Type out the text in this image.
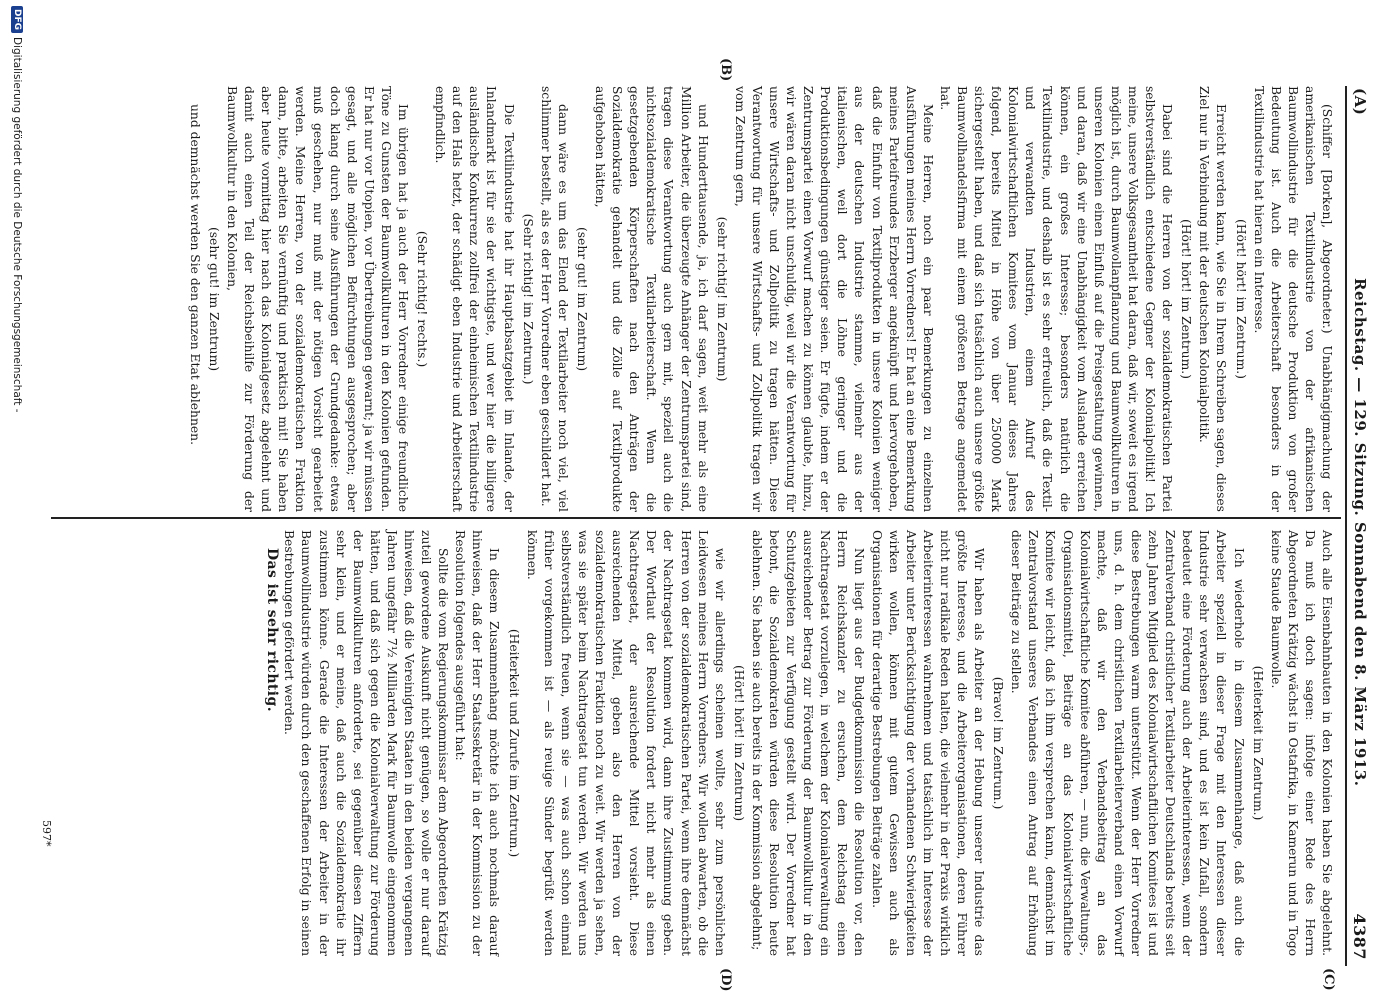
(A)
Reichstag. — 129. Sitzung. Sonnabend den 8. März 1913.
4387
(B)
(C)
(D)

(Schiffer [Borken], Abgeordneter.) Unabhängigmachung der amerikanischen Textilindustrie von der afrikanischen Baumwollindustrie für die deutsche Produktion von großer Bedeutung ist. Auch die Arbeiterschaft besonders in der Textilindustrie hat hieran ein Interesse.

(Hört! hört! im Zentrum.)

Erreicht werden kann, wie Sie in Ihrem Schreiben sagen, dieses Ziel nur in Verbindung mit der deutschen Kolonialpolitik.

(Hört! hört! im Zentrum.)

Dabei sind die Herren von der sozialdemokratischen Partei selbstverständlich entschiedene Gegner der Kolonialpolitik! Ich meine, unsere Volksgesamtheit hat daran, daß wir, soweit es irgend möglich ist, durch Baumwollanpflanzung und Baumwollkulturen in unseren Kolonien einen Einfluß auf die Preisgestaltung gewinnen, und daran, daß wir eine Unabhängigkeit vom Auslande erreichen können, ein großes Interesse; besonders natürlich die Textilindustrie, und deshalb ist es sehr erfreulich, daß die Textil- und verwandten Industrien, einem Aufruf des Kolonialwirtschaftlichen Komitees vom Januar dieses Jahres folgend, bereits Mittel in Höhe von über 250000 Mark sichergestellt haben, und daß sich tatsächlich auch unsere größte Baumwollhandelsfirma mit einem größeren Betrage angemeldet hat.

Meine Herren, noch ein paar Bemerkungen zu einzelnen Ausführungen meines Herrn Vorredners! Er hat an eine Bemerkung meines Parteifreundes Erzberger angeknüpft und hervorgehoben, daß die Einfuhr von Textilprodukten in unsere Kolonien weniger aus der deutschen Industrie stamme, vielmehr aus der italienischen, weil dort die Löhne geringer und die Produktionsbedingungen günstiger seien. Er fügte, indem er der Zentrumspartei einen Vorwurf machen zu können glaubte, hinzu, wir wären daran nicht unschuldig, weil wir die Verantwortung für unsere Wirtschafts- und Zollpolitik zu tragen hätten. Diese Verantwortung für unsere Wirtschafts- und Zollpolitik tragen wir vom Zentrum gern,

(sehr richtig! im Zentrum)

und Hunderttausende, ja, ich darf sagen, weit mehr als eine Million Arbeiter, die überzeugte Anhänger der Zentrumspartei sind, tragen diese Verantwortung auch gern mit, speziell auch die nichtsozialdemokratische Textilarbeiterschaft. Wenn die gesetzgebenden Körperschaften nach den Anträgen der Sozialdemokratie gehandelt und die Zölle auf Textilprodukte aufgehoben hätten,

(sehr gut! im Zentrum)

dann wäre es um das Elend der Textilarbeiter noch viel, viel schlimmer bestellt, als es der Herr Vorredner eben geschildert hat.

(Sehr richtig! im Zentrum.)

Die Textilindustrie hat ihr Hauptabsatzgebiet im Inlande, der Inlandmarkt ist für sie der wichtigste, und wer hier die billigere ausländische Konkurrenz zollfrei der einheimischen Textilindustrie auf den Hals hetzt, der schädigt eben Industrie und Arbeiterschaft empfindlich.

(Sehr richtig! rechts.)

Im übrigen hat ja auch der Herr Vorredner einige freundliche Töne zu Gunsten der Baumwollkulturen in den Kolonien gefunden. Er hat nur vor Utopien, vor Übertreibungen gewarnt; ja wir müssen gesagt, und alle möglichen Befürchtungen ausgesprochen; aber doch klang durch seine Ausführungen der Grundgedanke: etwas muß geschehen, nur muß mit der nötigen Vorsicht gearbeitet werden. Meine Herren, von der sozialdemokratischen Fraktion dann, bitte, arbeiten Sie vernünftig und praktisch mit! Sie haben aber heute vormittag hier nach das Kolonialgesetz abgelehnt und damit auch einen Teil der Reichsbeihilfe zur Förderung der Baumwollkultur in den Kolonien,

(sehr gut! im Zentrum)

und demnächst werden Sie den ganzen Etat ablehnen.

Auch alle Eisenbahnbauten in den Kolonien haben Sie abgelehnt. Da muß ich doch sagen: infolge einer Rede des Herrn Abgeordneten Krätzig wächst in Ostafrika, in Kamerun und in Togo keine Staude Baumwolle.

(Heiterkeit im Zentrum.)

Ich wiederhole in diesem Zusammenhange, daß auch die Arbeiter speziell in dieser Frage mit den Interessen dieser Industrie sehr verwachsen sind, und es ist kein Zufall, sondern bedeutet eine Förderung auch der Arbeiterinteressen, wenn der Zentralverband christlicher Textilarbeiter Deutschlands bereits seit zehn Jahren Mitglied des Kolonialwirtschaftlichen Komitees ist und diese Bestrebungen warm unterstützt. Wenn der Herr Vorredner uns, d. h. dem christlichen Textilarbeiterverband einen Vorwurf machte, daß wir den Verbandsbeitrag an das Kolonialwirtschaftliche Komitee abführen, — nun, die Verwaltungs-, Organisationsmittel, Beiträge an das Kolonialwirtschaftliche Komitee wir leicht, daß ich ihm versprechen kann, demnächst im Zentralvorstand unseres Verbandes einen Antrag auf Erhöhung dieser Beiträge zu stellen.

(Bravo! im Zentrum.)

Wir haben als Arbeiter an der Hebung unserer Industrie das größte Interesse, und die Arbeiterorganisationen, deren Führer nicht nur radikale Reden halten, die vielmehr in der Praxis wirklich Arbeiterinteressen wahrnehmen und tatsächlich im Interesse der Arbeiter unter Berücksichtigung der vorhandenen Schwierigkeiten wirken wollen, können mit gutem Gewissen auch als Organisationen für derartige Bestrebungen Beiträge zahlen.

Nun liegt aus der Budgetkommission die Resolution vor, den Herrn Reichskanzler zu ersuchen, dem Reichstag einen Nachtragsetat vorzulegen, in welchem der Kolonialverwaltung ein ausreichender Betrag zur Förderung der Baumwollkultur in den Schutzgebieten zur Verfügung gestellt wird. Der Vorredner hat betont, die Sozialdemokraten würden diese Resolution heute ablehnen. Sie haben sie auch bereits in der Kommission abgelehnt;

(Hört! hört! im Zentrum)

wie wir allerdings scheinen wollte, sehr zum persönlichen Leidwesen meines Herrn Vorredners. Wir wollen abwarten, ob die Herren von der sozialdemokratischen Partei, wenn ihre demnächst der Nachtragsetat kommen wird, dann ihre Zustimmung geben. Der Wortlaut der Resolution fordert nicht mehr als einen Nachtragsetat, der ausreichende Mittel vorsieht. Diese ausreichenden Mittel, geben also den Herren von der sozialdemokratischen Fraktion noch zu weit. Wir werden ja sehen, was sie später beim Nachtragsetat tun werden. Wir werden uns selbstverständlich freuen, wenn sie — was auch schon einmal früher vorgekommen ist — als reuige Sünder begrüßt werden können.

(Heiterkeit und Zurufe im Zentrum.)

In diesem Zusammenhang möchte ich auch nochmals darauf hinweisen, daß der Herr Staatssekretär in der Kommission zu der Resolution folgendes ausgeführt hat:

Sollte die vom Regierungskommissar dem Abgeordneten Krätzig zuteil gewordene Auskunft nicht genügen, so wolle er nur darauf hinweisen, daß die Vereinigten Staaten in den beiden vergangenen Jahren ungefähr 7½ Milliarden Mark für Baumwolle eingenommen hätten, und daß sich gegen die Kolonialverwaltung zur Förderung der Baumwollkulturen anforderte, sei gegenüber diesen Ziffern sehr klein, und er meine, daß auch die Sozialdemokratie ihr zustimmen könne. Gerade die Interessen der Arbeiter in der Baumwollindustrie würden durch den geschaffenen Erfolg in seinen Bestrebungen gefördert werden.

Das ist sehr richtig.

597*
DFGDigitalisierung gefördert durch die Deutsche Forschungsgemeinschaft -
